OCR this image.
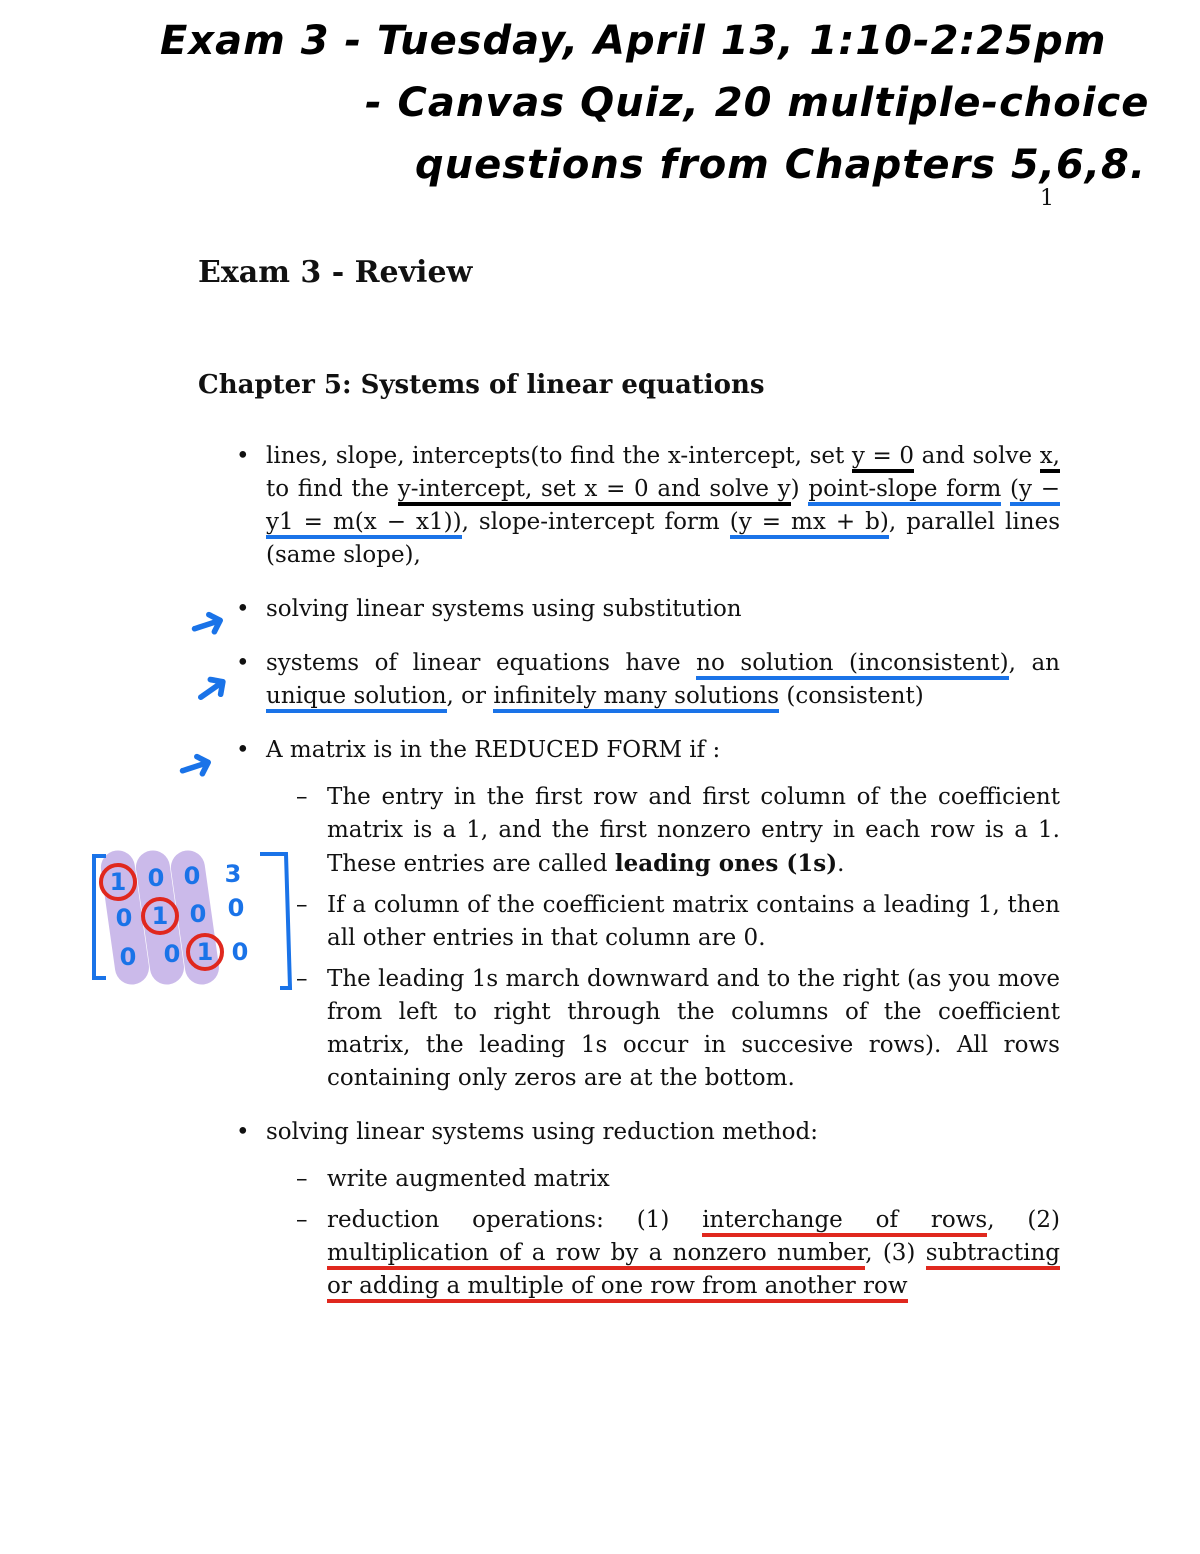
Exam 3 - Tuesday, April 13, 1:10-2:25pm
- Canvas Quiz, 20 multiple-choice
questions from Chapters 5,6,8.
1
Exam 3 - Review
Chapter 5: Systems of linear equations
• lines, slope, intercepts(to find the x-intercept, set y = 0 and solve x, to find the y-intercept, set x = 0 and solve y) point-slope form (y − y1 = m(x − x1)), slope-intercept form (y = mx + b), parallel lines (same slope),
• solving linear systems using substitution
• systems of linear equations have no solution (inconsistent), an unique solution, or infinitely many solutions (consistent)
• A matrix is in the REDUCED FORM if :
– The entry in the first row and first column of the coefficient matrix is a 1, and the first nonzero entry in each row is a 1. These entries are called leading ones (1s).
– If a column of the coefficient matrix contains a leading 1, then all other entries in that column are 0.
– The leading 1s march downward and to the right (as you move from left to right through the columns of the coefficient matrix, the leading 1s occur in succesive rows). All rows containing only zeros are at the bottom.
• solving linear systems using reduction method:
– write augmented matrix
– reduction operations: (1) interchange of rows, (2) multiplication of a row by a nonzero number, (3) subtracting or adding a multiple of one row from another row
➜
➜
➜
1 0 0 3
0 1 0 0
0 0 1 0
